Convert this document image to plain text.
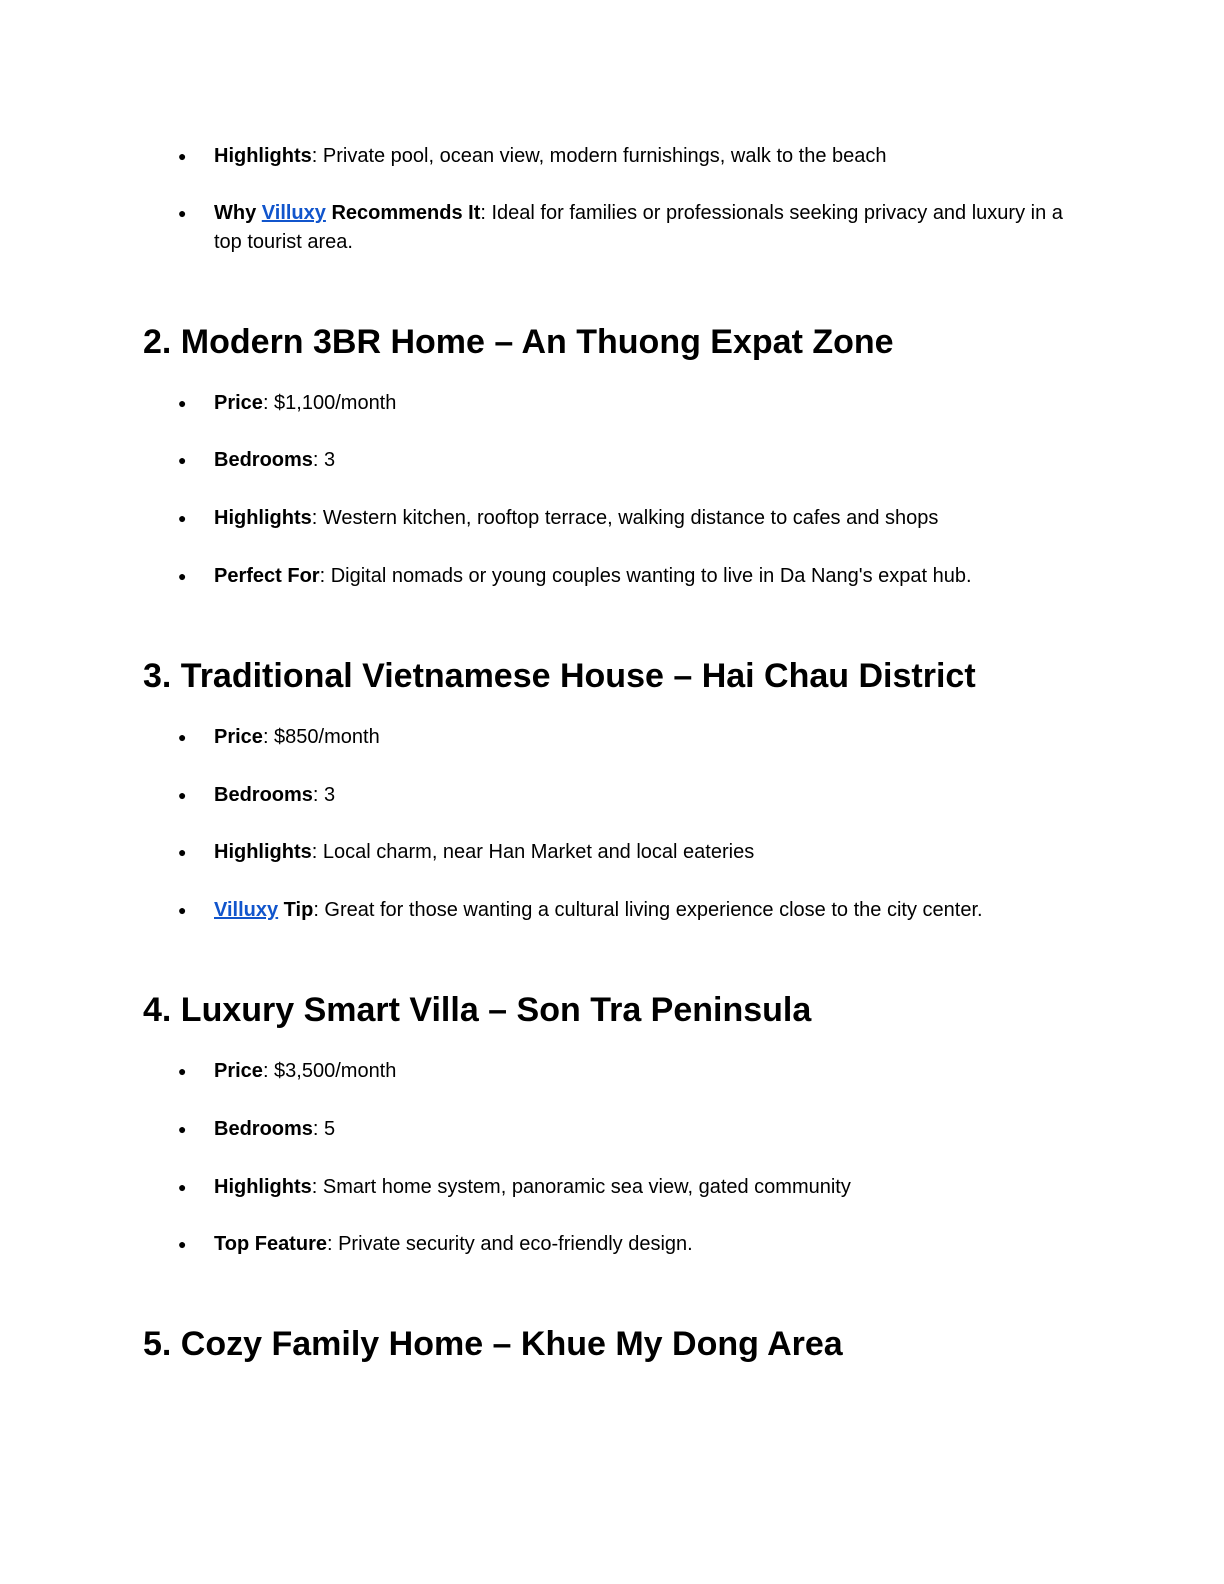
● Highlights: Private pool, ocean view, modern furnishings, walk to the beach
● Why Villuxy Recommends It: Ideal for families or professionals seeking privacy and luxury in a top tourist area.
2. Modern 3BR Home – An Thuong Expat Zone
● Price: $1,100/month
● Bedrooms: 3
● Highlights: Western kitchen, rooftop terrace, walking distance to cafes and shops
● Perfect For: Digital nomads or young couples wanting to live in Da Nang's expat hub.
3. Traditional Vietnamese House – Hai Chau District
● Price: $850/month
● Bedrooms: 3
● Highlights: Local charm, near Han Market and local eateries
● Villuxy Tip: Great for those wanting a cultural living experience close to the city center.
4. Luxury Smart Villa – Son Tra Peninsula
● Price: $3,500/month
● Bedrooms: 5
● Highlights: Smart home system, panoramic sea view, gated community
● Top Feature: Private security and eco-friendly design.
5. Cozy Family Home – Khue My Dong Area
